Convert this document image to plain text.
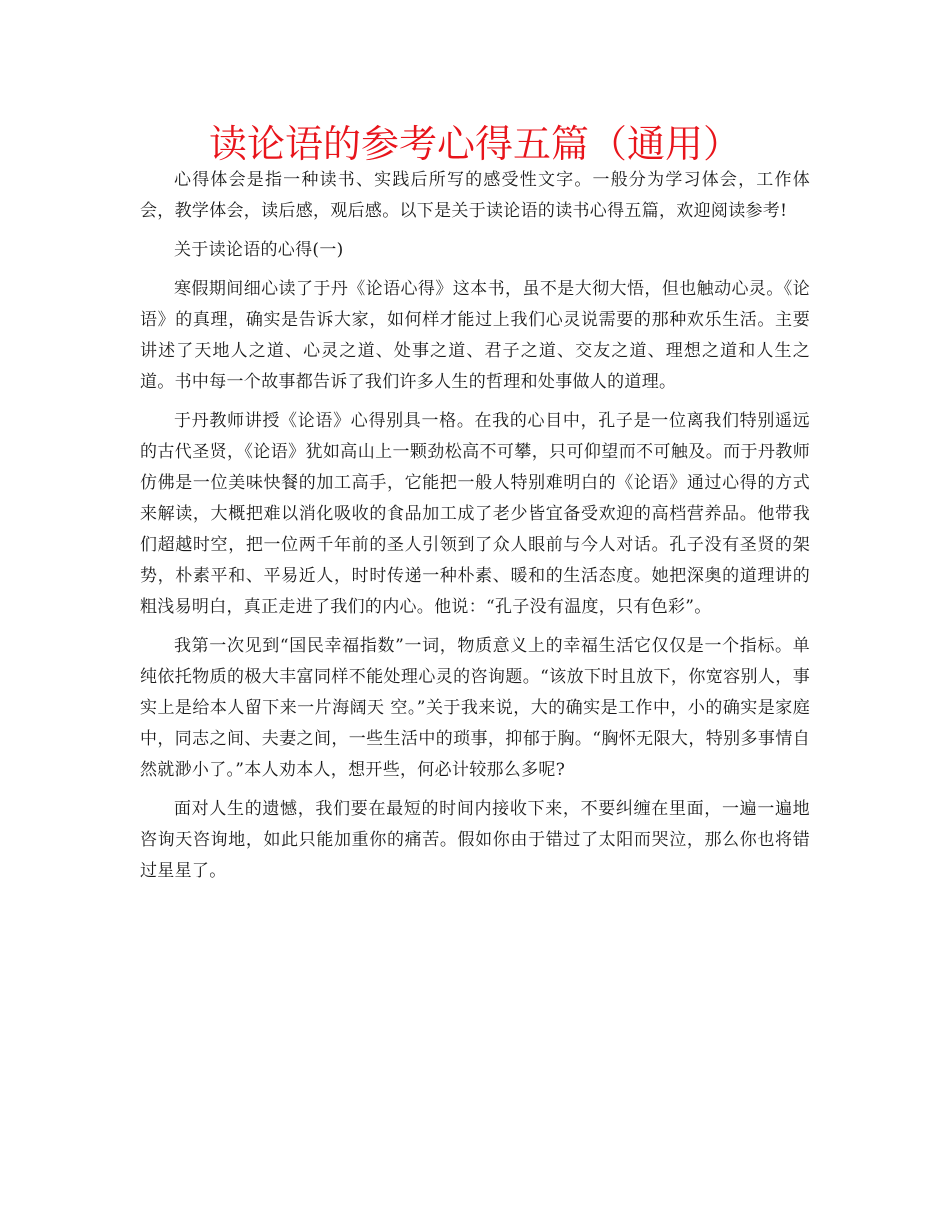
读论语的参考心得五篇（通用）

心得体会是指一种读书、实践后所写的感受性文字。一般分为学习体会，工作体会，教学体会，读后感，观后感。以下是关于读论语的读书心得五篇，欢迎阅读参考!

关于读论语的心得(一)

寒假期间细心读了于丹《论语心得》这本书，虽不是大彻大悟，但也触动心灵。《论语》的真理，确实是告诉大家，如何样才能过上我们心灵说需要的那种欢乐生活。主要讲述了天地人之道、心灵之道、处事之道、君子之道、交友之道、理想之道和人生之道。书中每一个故事都告诉了我们许多人生的哲理和处事做人的道理。

于丹教师讲授《论语》心得别具一格。在我的心目中，孔子是一位离我们特别遥远的古代圣贤，《论语》犹如高山上一颗劲松高不可攀，只可仰望而不可触及。而于丹教师仿佛是一位美味快餐的加工高手，它能把一般人特别难明白的《论语》通过心得的方式来解读，大概把难以消化吸收的食品加工成了老少皆宜备受欢迎的高档营养品。他带我们超越时空，把一位两千年前的圣人引领到了众人眼前与今人对话。孔子没有圣贤的架势，朴素平和、平易近人，时时传递一种朴素、暖和的生活态度。她把深奥的道理讲的粗浅易明白，真正走进了我们的内心。他说：“孔子没有温度，只有色彩”。

我第一次见到“国民幸福指数”一词，物质意义上的幸福生活它仅仅是一个指标。单纯依托物质的极大丰富同样不能处理心灵的咨询题。“该放下时且放下，你宽容别人，事实上是给本人留下来一片海阔天 空。”关于我来说，大的确实是工作中，小的确实是家庭中，同志之间、夫妻之间，一些生活中的琐事，抑郁于胸。“胸怀无限大，特别多事情自然就渺小了。”本人劝本人，想开些，何必计较那么多呢?

面对人生的遗憾，我们要在最短的时间内接收下来，不要纠缠在里面，一遍一遍地咨询天咨询地，如此只能加重你的痛苦。假如你由于错过了太阳而哭泣，那么你也将错过星星了。
